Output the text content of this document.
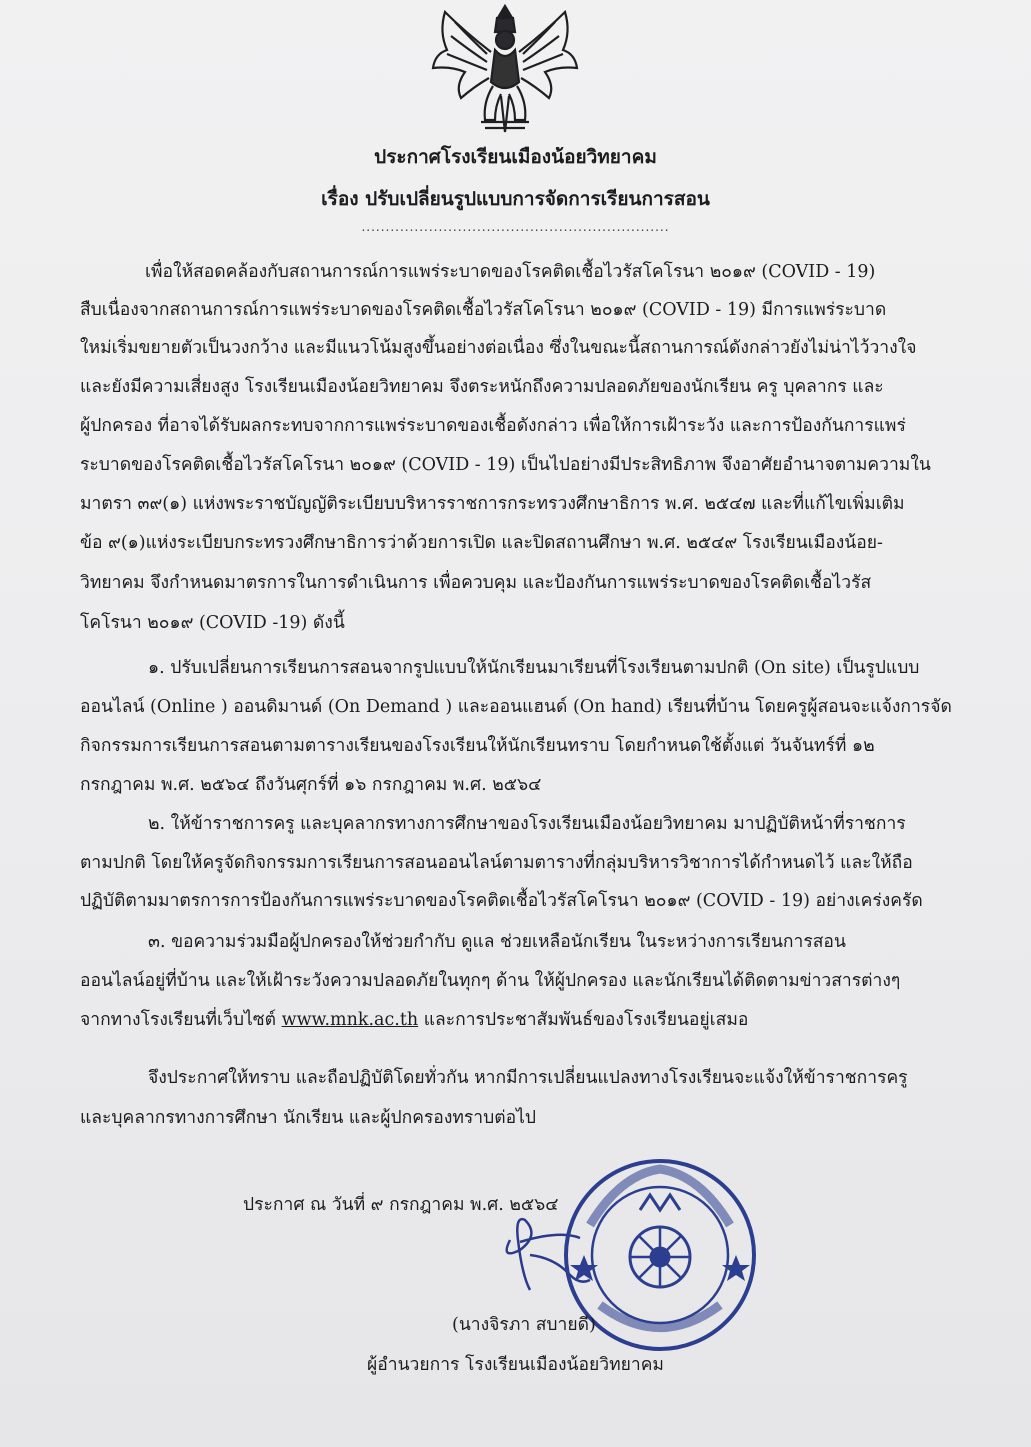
ประกาศโรงเรียนเมืองน้อยวิทยาคม
เรื่อง ปรับเปลี่ยนรูปแบบการจัดการเรียนการสอน
................................................................
เพื่อให้สอดคล้องกับสถานการณ์การแพร่ระบาดของโรคติดเชื้อไวรัสโคโรนา ๒๐๑๙ (COVID - 19)
สืบเนื่องจากสถานการณ์การแพร่ระบาดของโรคติดเชื้อไวรัสโคโรนา ๒๐๑๙ (COVID - 19) มีการแพร่ระบาด
ใหม่เริ่มขยายตัวเป็นวงกว้าง และมีแนวโน้มสูงขึ้นอย่างต่อเนื่อง ซึ่งในขณะนี้สถานการณ์ดังกล่าวยังไม่น่าไว้วางใจ
และยังมีความเสี่ยงสูง โรงเรียนเมืองน้อยวิทยาคม จึงตระหนักถึงความปลอดภัยของนักเรียน ครู บุคลากร และ
ผู้ปกครอง ที่อาจได้รับผลกระทบจากการแพร่ระบาดของเชื้อดังกล่าว เพื่อให้การเฝ้าระวัง และการป้องกันการแพร่
ระบาดของโรคติดเชื้อไวรัสโคโรนา ๒๐๑๙ (COVID - 19) เป็นไปอย่างมีประสิทธิภาพ จึงอาศัยอำนาจตามความใน
มาตรา ๓๙(๑) แห่งพระราชบัญญัติระเบียบบริหารราชการกระทรวงศึกษาธิการ พ.ศ. ๒๕๔๗ และที่แก้ไขเพิ่มเติม
ข้อ ๙(๑)แห่งระเบียบกระทรวงศึกษาธิการว่าด้วยการเปิด และปิดสถานศึกษา พ.ศ. ๒๕๔๙ โรงเรียนเมืองน้อย-
วิทยาคม จึงกำหนดมาตรการในการดำเนินการ เพื่อควบคุม และป้องกันการแพร่ระบาดของโรคติดเชื้อไวรัส
โคโรนา ๒๐๑๙ (COVID -19) ดังนี้
๑. ปรับเปลี่ยนการเรียนการสอนจากรูปแบบให้นักเรียนมาเรียนที่โรงเรียนตามปกติ (On site) เป็นรูปแบบ
ออนไลน์ (Online ) ออนดิมานด์ (On Demand ) และออนแฮนด์ (On hand) เรียนที่บ้าน โดยครูผู้สอนจะแจ้งการจัด
กิจกรรมการเรียนการสอนตามตารางเรียนของโรงเรียนให้นักเรียนทราบ โดยกำหนดใช้ตั้งแต่ วันจันทร์ที่ ๑๒
กรกฎาคม พ.ศ. ๒๕๖๔ ถึงวันศุกร์ที่ ๑๖ กรกฎาคม พ.ศ. ๒๕๖๔
๒. ให้ข้าราชการครู และบุคลากรทางการศึกษาของโรงเรียนเมืองน้อยวิทยาคม มาปฏิบัติหน้าที่ราชการ
ตามปกติ โดยให้ครูจัดกิจกรรมการเรียนการสอนออนไลน์ตามตารางที่กลุ่มบริหารวิชาการได้กำหนดไว้ และให้ถือ
ปฏิบัติตามมาตรการการป้องกันการแพร่ระบาดของโรคติดเชื้อไวรัสโคโรนา ๒๐๑๙ (COVID - 19) อย่างเคร่งครัด
๓. ขอความร่วมมือผู้ปกครองให้ช่วยกำกับ ดูแล ช่วยเหลือนักเรียน ในระหว่างการเรียนการสอน
ออนไลน์อยู่ที่บ้าน และให้เฝ้าระวังความปลอดภัยในทุกๆ ด้าน ให้ผู้ปกครอง และนักเรียนได้ติดตามข่าวสารต่างๆ
จากทางโรงเรียนที่เว็บไซต์ www.mnk.ac.th และการประชาสัมพันธ์ของโรงเรียนอยู่เสมอ
จึงประกาศให้ทราบ และถือปฏิบัติโดยทั่วกัน หากมีการเปลี่ยนแปลงทางโรงเรียนจะแจ้งให้ข้าราชการครู
และบุคลากรทางการศึกษา นักเรียน และผู้ปกครองทราบต่อไป
ประกาศ ณ วันที่ ๙ กรกฎาคม พ.ศ. ๒๕๖๔
(นางจิรภา สบายดี)
ผู้อำนวยการ โรงเรียนเมืองน้อยวิทยาคม
